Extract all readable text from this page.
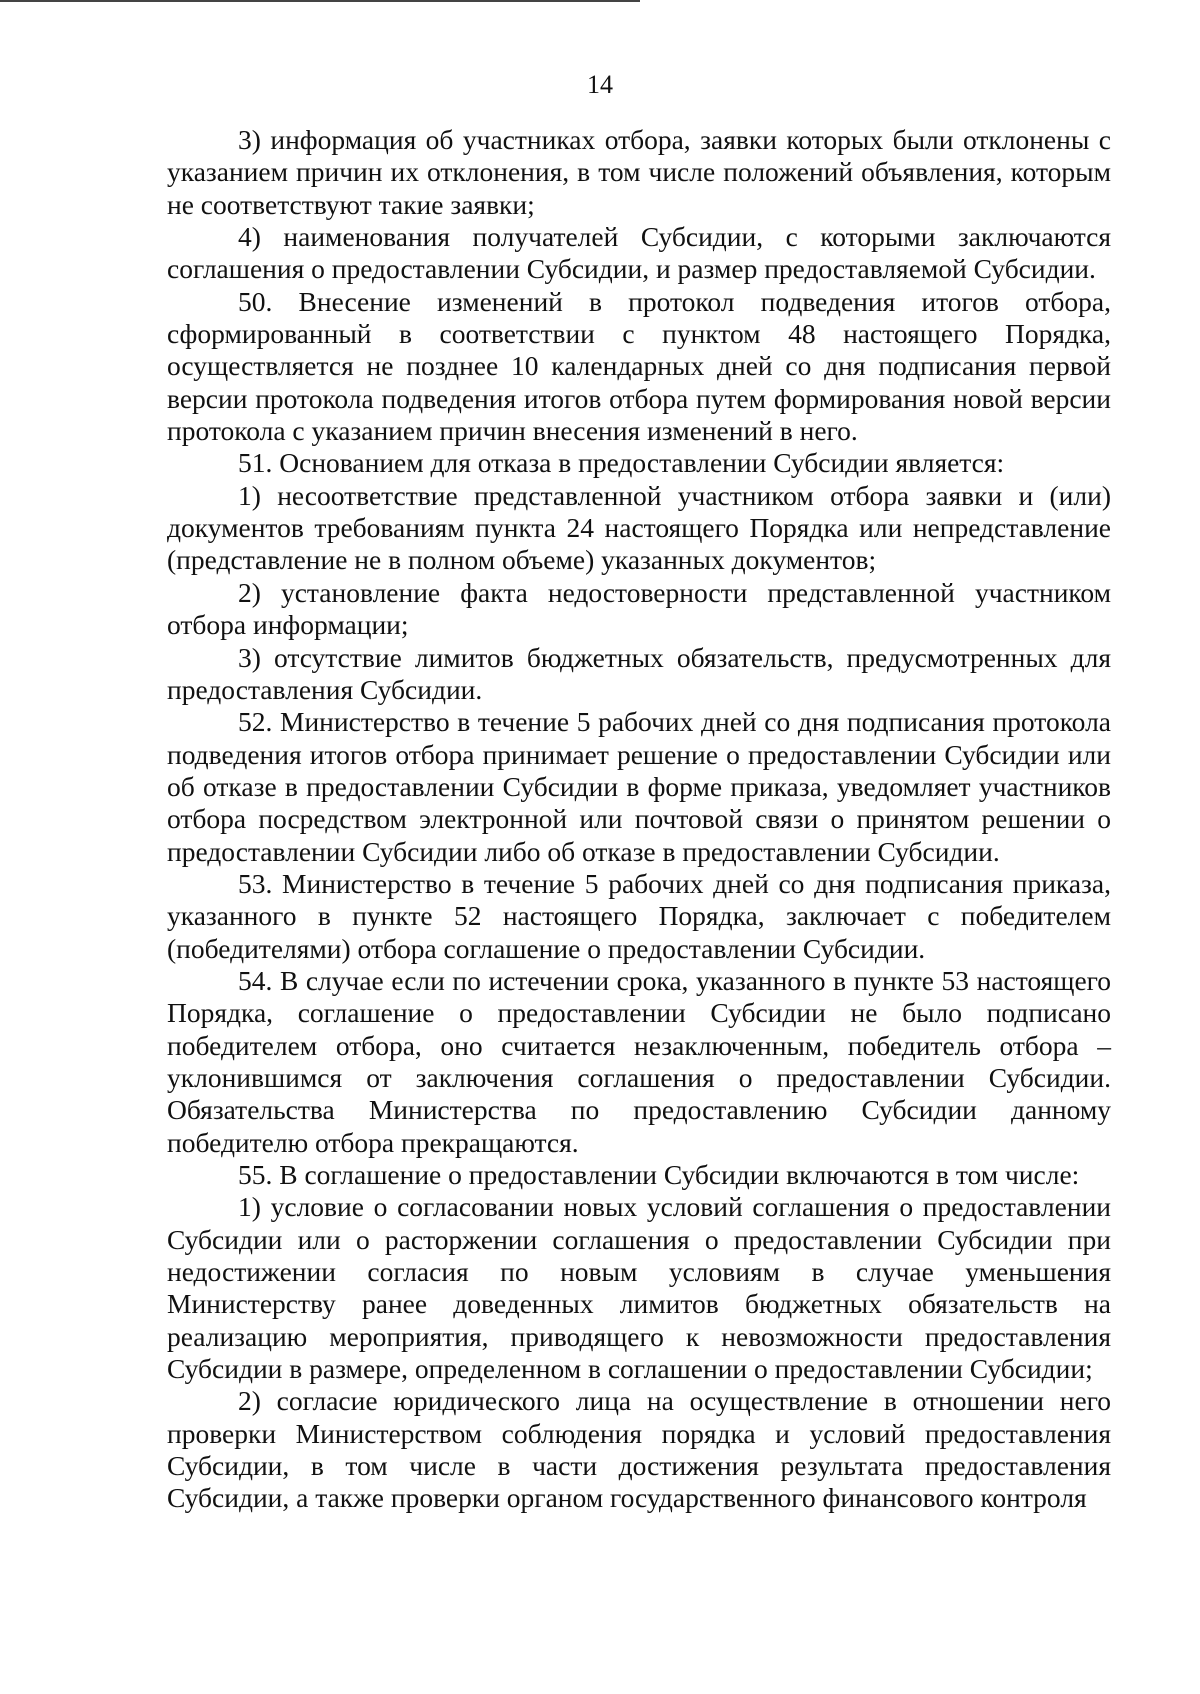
14

3) информация об участниках отбора, заявки которых были отклонены с указанием причин их отклонения, в том числе положений объявления, которым не соответствуют такие заявки;

4) наименования получателей Субсидии, с которыми заключаются соглашения о предоставлении Субсидии, и размер предоставляемой Субсидии.

50. Внесение изменений в протокол подведения итогов отбора, сформированный в соответствии с пунктом 48 настоящего Порядка, осуществляется не позднее 10 календарных дней со дня подписания первой версии протокола подведения итогов отбора путем формирования новой версии протокола с указанием причин внесения изменений в него.

51. Основанием для отказа в предоставлении Субсидии является:

1) несоответствие представленной участником отбора заявки и (или) документов требованиям пункта 24 настоящего Порядка или непредставление (представление не в полном объеме) указанных документов;

2) установление факта недостоверности представленной участником отбора информации;

3) отсутствие лимитов бюджетных обязательств, предусмотренных для предоставления Субсидии.

52. Министерство в течение 5 рабочих дней со дня подписания протокола подведения итогов отбора принимает решение о предоставлении Субсидии или об отказе в предоставлении Субсидии в форме приказа, уведомляет участников отбора посредством электронной или почтовой связи о принятом решении о предоставлении Субсидии либо об отказе в предоставлении Субсидии.

53. Министерство в течение 5 рабочих дней со дня подписания приказа, указанного в пункте 52 настоящего Порядка, заключает с победителем (победителями) отбора соглашение о предоставлении Субсидии.

54. В случае если по истечении срока, указанного в пункте 53 настоящего Порядка, соглашение о предоставлении Субсидии не было подписано победителем отбора, оно считается незаключенным, победитель отбора – уклонившимся от заключения соглашения о предоставлении Субсидии. Обязательства Министерства по предоставлению Субсидии данному победителю отбора прекращаются.

55. В соглашение о предоставлении Субсидии включаются в том числе:

1) условие о согласовании новых условий соглашения о предоставлении Субсидии или о расторжении соглашения о предоставлении Субсидии при недостижении согласия по новым условиям в случае уменьшения Министерству ранее доведенных лимитов бюджетных обязательств на реализацию мероприятия, приводящего к невозможности предоставления Субсидии в размере, определенном в соглашении о предоставлении Субсидии;

2) согласие юридического лица на осуществление в отношении него проверки Министерством соблюдения порядка и условий предоставления Субсидии, в том числе в части достижения результата предоставления Субсидии, а также проверки органом государственного финансового контроля
